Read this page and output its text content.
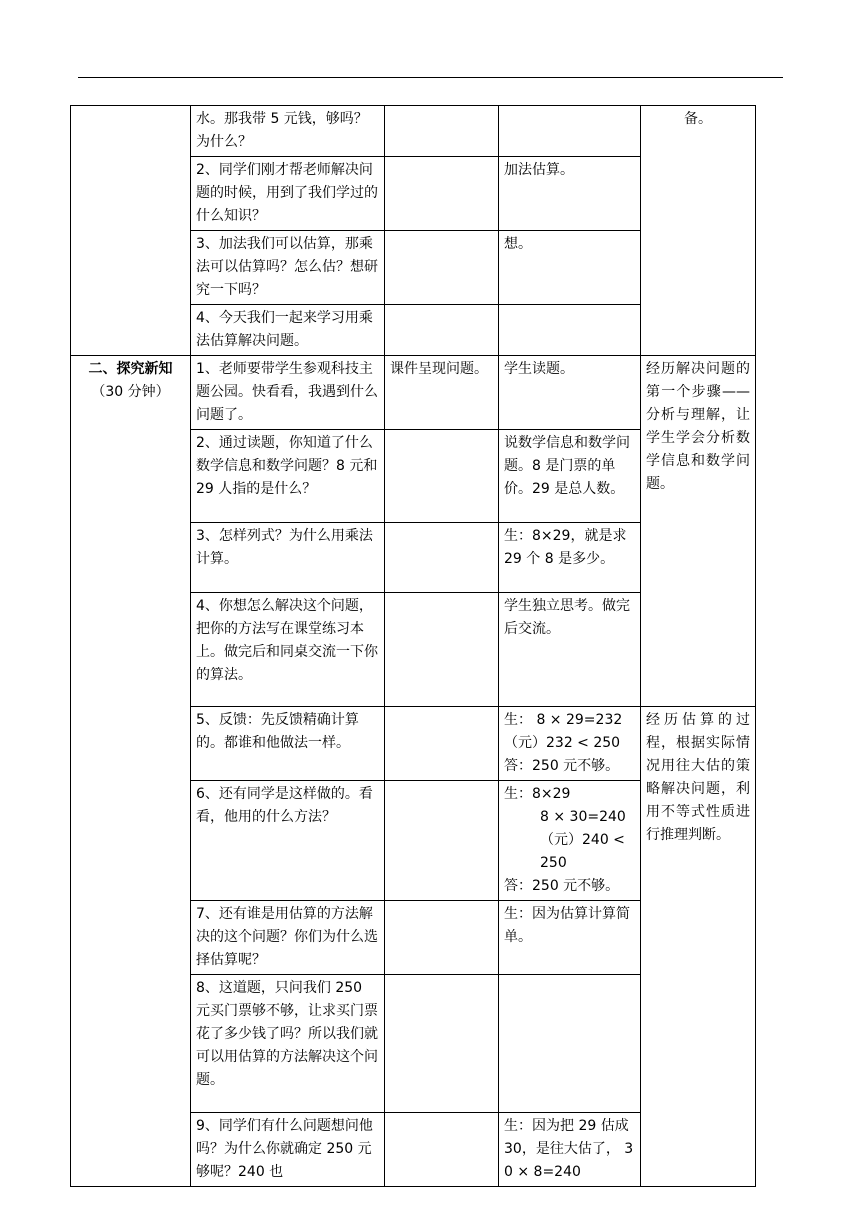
	水。那我带 5 元钱，够吗？为什么？			备。
	2、同学们刚才帮老师解决问题的时候，用到了我们学过的什么知识？		加法估算。	
	3、加法我们可以估算，那乘法可以估算吗？怎么估？想研究一下吗？		想。	
	4、今天我们一起来学习用乘法估算解决问题。			

二、探究新知
（30 分钟）	1、老师要带学生参观科技主题公园。快看看，我遇到什么问题了。	课件呈现问题。	学生读题。	经历解决问题的第一个步骤——分析与理解，让学生学会分析数学信息和数学问题。
	2、通过读题，你知道了什么数学信息和数学问题？8 元和 29 人指的是什么？		说数学信息和数学问题。8 是门票的单价。29 是总人数。	
	3、怎样列式？为什么用乘法计算。		生：8×29，就是求 29 个 8 是多少。	
	4、你想怎么解决这个问题，把你的方法写在课堂练习本上。做完后和同桌交流一下你的算法。		学生独立思考。做完后交流。	
	5、反馈：先反馈精确计算的。都谁和他做法一样。		生： 8 × 29=232（元）232 < 250
答：250 元不够。	经历估算的过程，根据实际情况用往大估的策略解决问题，利用不等式性质进行推理判断。
	6、还有同学是这样做的。看看，他用的什么方法？		生：8×29
8 × 30=240（元）240 < 250
答：250 元不够。	

	7、还有谁是用估算的方法解决的这个问题？你们为什么选择估算呢？		生：因为估算计算简单。	
	8、这道题，只问我们 250 元买门票够不够，让求买门票花了多少钱了吗？所以我们就可以用估算的方法解决这个问题。			
	9、同学们有什么问题想问他吗？为什么你就确定 250 元够呢？240 也		生：因为把 29 估成 30，是往大估了， 30 × 8=240	
